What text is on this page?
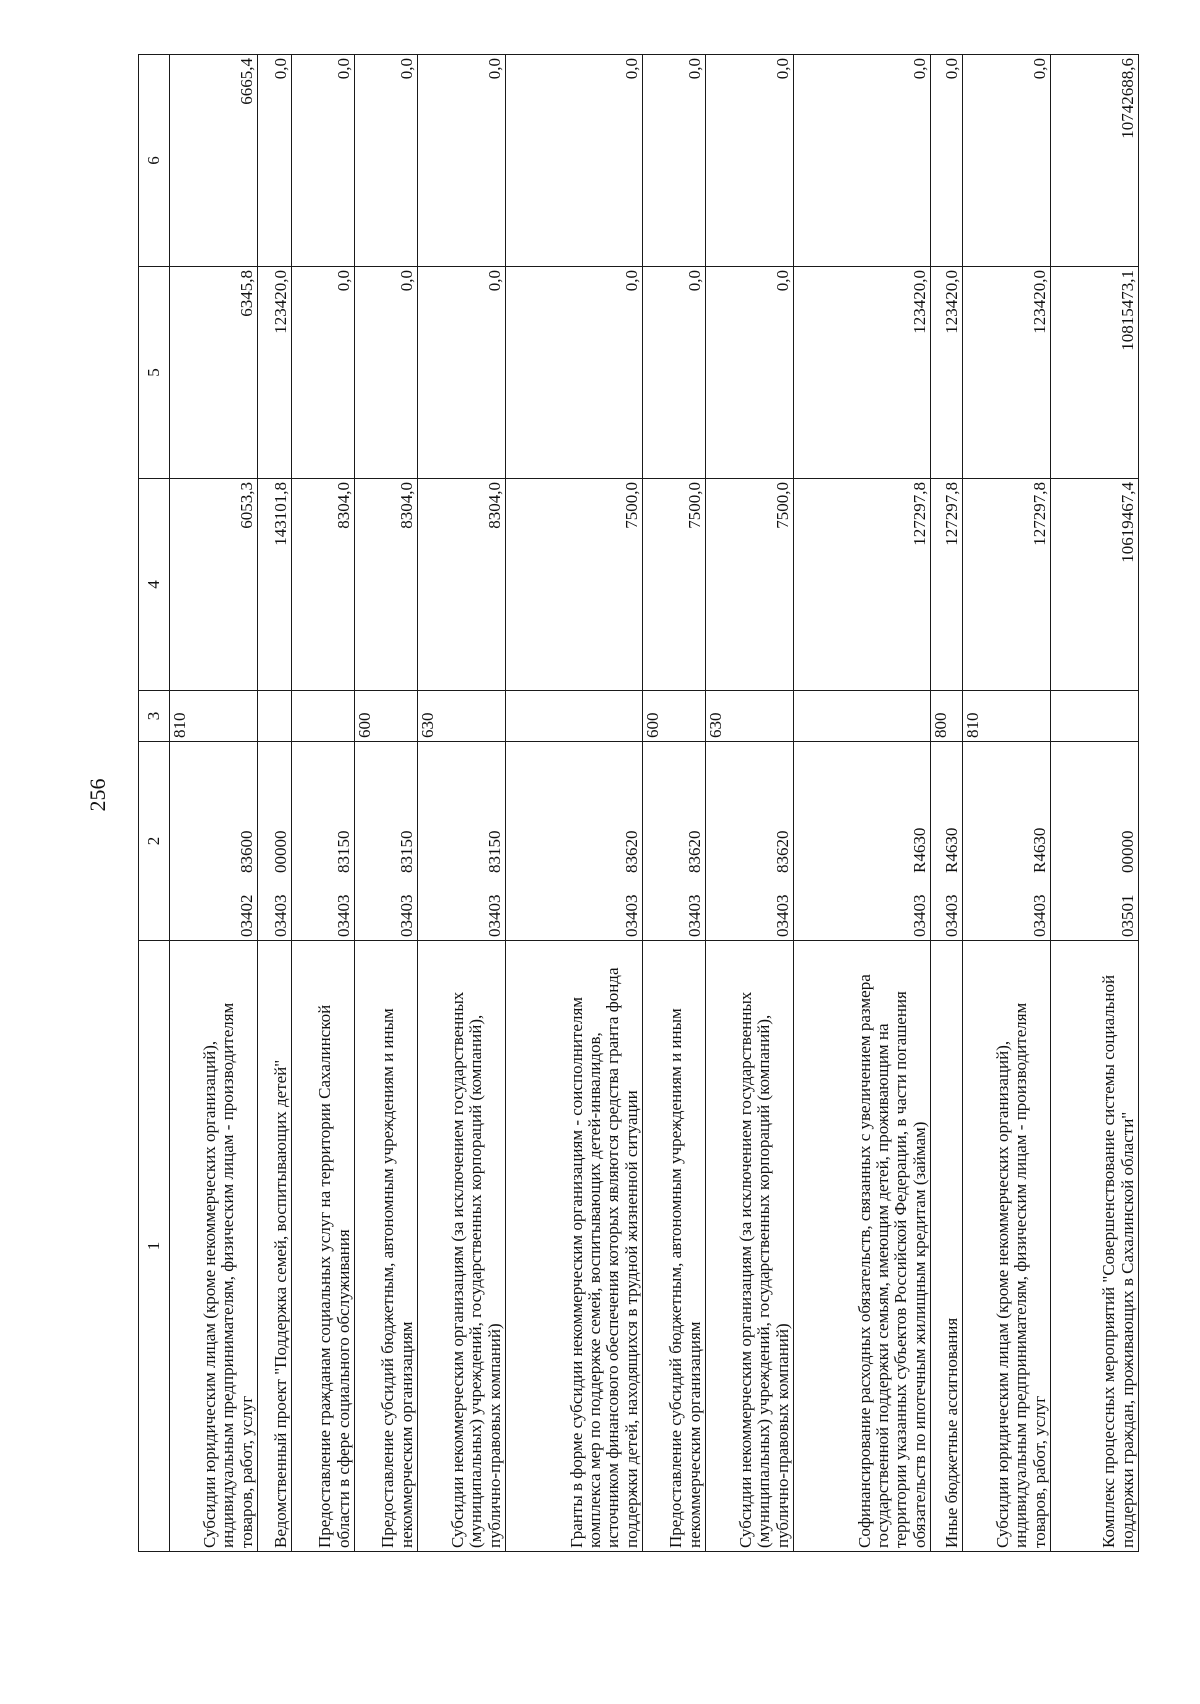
256
1	2	3	4	5	6
Субсидии юридическим лицам (кроме некоммерческих организаций), индивидуальным предпринимателям, физическим лицам - производителям товаров, работ, услуг	0340283600	810	6053,3	6345,8	6665,4
Ведомственный проект "Поддержка семей, воспитывающих детей"	0340300000		143101,8	123420,0	0,0
Предоставление гражданам социальных услуг на территории Сахалинской области в сфере социального обслуживания	0340383150		8304,0	0,0	0,0
Предоставление субсидий бюджетным, автономным учреждениям и иным некоммерческим организациям	0340383150	600	8304,0	0,0	0,0
Субсидии некоммерческим организациям (за исключением государственных (муниципальных) учреждений, государственных корпораций (компаний), публично-правовых компаний)	0340383150	630	8304,0	0,0	0,0
Гранты в форме субсидии некоммерческим организациям - соисполнителям комплекса мер по поддержке семей, воспитывающих детей-инвалидов, источником финансового обеспечения которых являются средства гранта фонда поддержки детей, находящихся в трудной жизненной ситуации	0340383620		7500,0	0,0	0,0
Предоставление субсидий бюджетным, автономным учреждениям и иным некоммерческим организациям	0340383620	600	7500,0	0,0	0,0
Субсидии некоммерческим организациям (за исключением государственных (муниципальных) учреждений, государственных корпораций (компаний), публично-правовых компаний)	0340383620	630	7500,0	0,0	0,0
Софинансирование расходных обязательств, связанных с увеличением размера государственной поддержки семьям, имеющим детей, проживающим на территории указанных субъектов Российской Федерации, в части погашения обязательств по ипотечным жилищным кредитам (займам)	03403R4630		127297,8	123420,0	0,0
Иные бюджетные ассигнования	03403R4630	800	127297,8	123420,0	0,0
Субсидии юридическим лицам (кроме некоммерческих организаций), индивидуальным предпринимателям, физическим лицам - производителям товаров, работ, услуг	03403R4630	810	127297,8	123420,0	0,0
Комплекс процессных мероприятий "Совершенствование системы социальной поддержки граждан, проживающих в Сахалинской области"	0350100000		10619467,4	10815473,1	10742688,6
